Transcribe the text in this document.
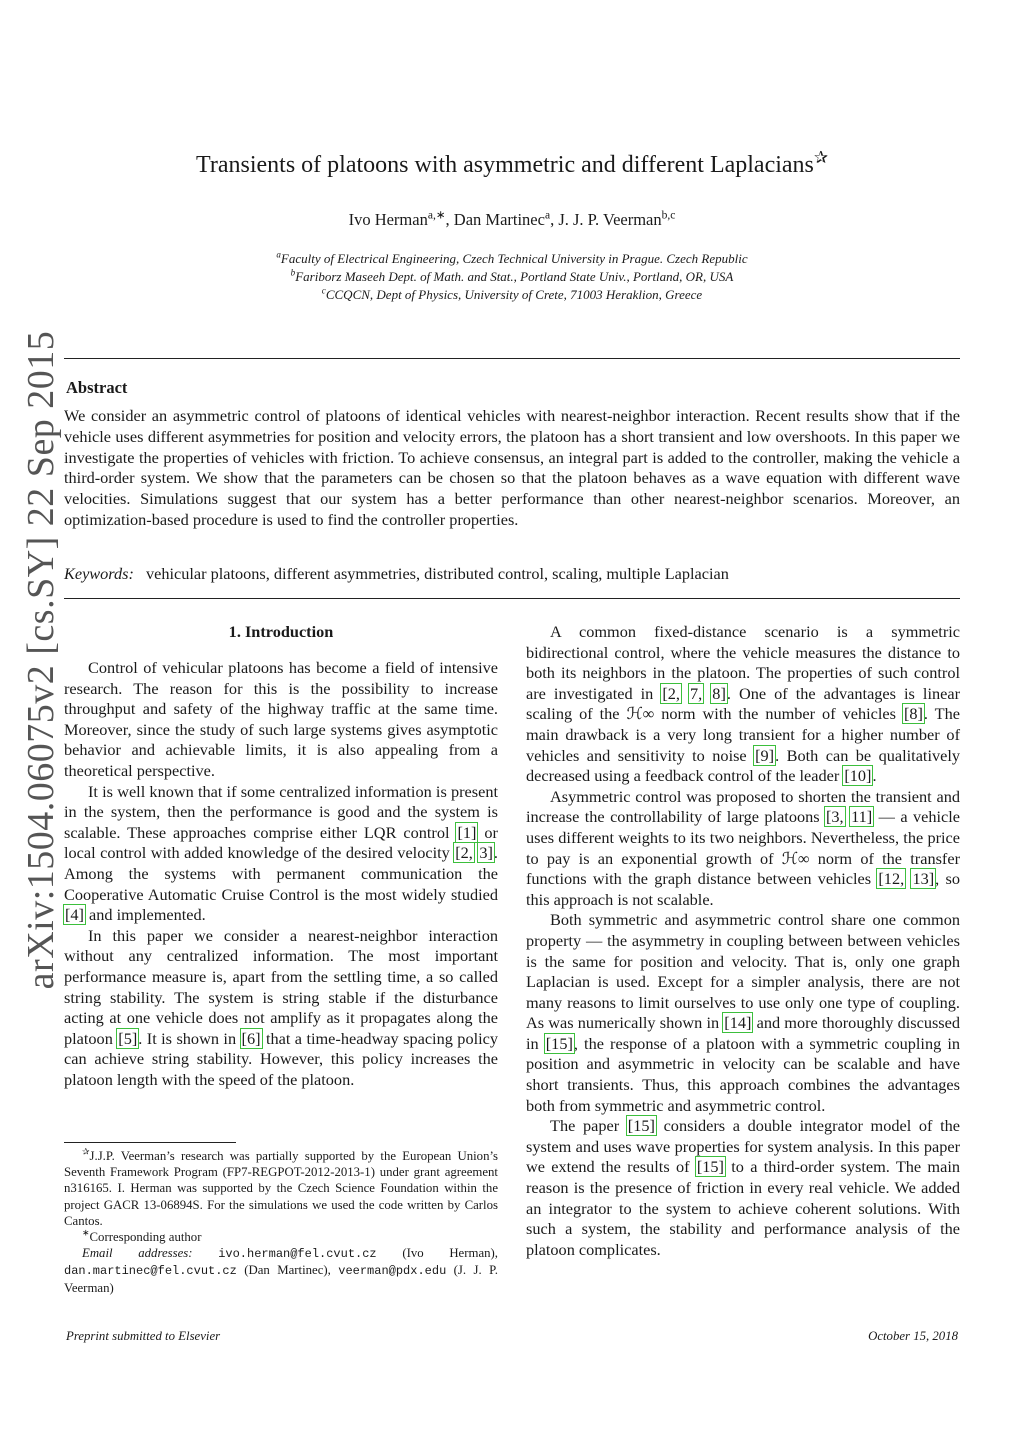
arXiv:1504.06075v2 [cs.SY] 22 Sep 2015
Transients of platoons with asymmetric and different Laplacians✰
Ivo Herman$^{a,∗}$, Dan Martinec$^a$, J. J. P. Veerman$^{b,c}$
$^a$Faculty of Electrical Engineering, Czech Technical University in Prague. Czech Republic
$^b$Fariborz Maseeh Dept. of Math. and Stat., Portland State Univ., Portland, OR, USA
$^c$CCQCN, Dept of Physics, University of Crete, 71003 Heraklion, Greece
Abstract
We consider an asymmetric control of platoons of identical vehicles with nearest-neighbor interaction. Recent results show that if the vehicle uses different asymmetries for position and velocity errors, the platoon has a short transient and low overshoots. In this paper we investigate the properties of vehicles with friction. To achieve consensus, an integral part is added to the controller, making the vehicle a third-order system. We show that the parameters can be chosen so that the platoon behaves as a wave equation with different wave velocities. Simulations suggest that our system has a better performance than other nearest-neighbor scenarios. Moreover, an optimization-based procedure is used to find the controller properties.
Keywords: vehicular platoons, different asymmetries, distributed control, scaling, multiple Laplacian
1. Introduction

Control of vehicular platoons has become a field of intensive research. The reason for this is the possibility to increase throughput and safety of the highway traffic at the same time. Moreover, since the study of such large systems gives asymptotic behavior and achievable limits, it is also appealing from a theoretical perspective.

It is well known that if some centralized information is present in the system, then the performance is good and the system is scalable. These approaches comprise either LQR control [1] or local control with added knowledge of the desired velocity [2, 3]. Among the systems with permanent communication the Cooperative Automatic Cruise Control is the most widely studied [4] and implemented.

In this paper we consider a nearest-neighbor interaction without any centralized information. The most important performance measure is, apart from the settling time, a so called string stability. The system is string stable if the disturbance acting at one vehicle does not amplify as it propagates along the platoon [5]. It is shown in [6] that a time-headway spacing policy can achieve string stability. However, this policy increases the platoon length with the speed of the platoon.

A common fixed-distance scenario is a symmetric bidirectional control, where the vehicle measures the distance to both its neighbors in the platoon. The properties of such control are investigated in [2, 7, 8]. One of the advantages is linear scaling of the ℋ∞ norm with the number of vehicles [8]. The main drawback is a very long transient for a higher number of vehicles and sensitivity to noise [9]. Both can be qualitatively decreased using a feedback control of the leader [10].

Asymmetric control was proposed to shorten the transient and increase the controllability of large platoons [3, 11] — a vehicle uses different weights to its two neighbors. Nevertheless, the price to pay is an exponential growth of ℋ∞ norm of the transfer functions with the graph distance between vehicles [12, 13], so this approach is not scalable.

Both symmetric and asymmetric control share one common property — the asymmetry in coupling between between vehicles is the same for position and velocity. That is, only one graph Laplacian is used. Except for a simpler analysis, there are not many reasons to limit ourselves to use only one type of coupling. As was numerically shown in [14] and more thoroughly discussed in [15], the response of a platoon with a symmetric coupling in position and asymmetric in velocity can be scalable and have short transients. Thus, this approach combines the advantages both from symmetric and asymmetric control.

The paper [15] considers a double integrator model of the system and uses wave properties for system analysis. In this paper we extend the results of [15] to a third-order system. The main reason is the presence of friction in every real vehicle. We added an integrator to the system to achieve coherent solutions. With such a system, the stability and performance analysis of the platoon complicates.

✰J.J.P. Veerman’s research was partially supported by the European Union’s Seventh Framework Program (FP7-REGPOT-2012-2013-1) under grant agreement n316165. I. Herman was supported by the Czech Science Foundation within the project GACR 13-06894S. For the simulations we used the code written by Carlos Cantos.

∗Corresponding author

Email addresses: ivo.herman@fel.cvut.cz (Ivo Herman), dan.martinec@fel.cvut.cz (Dan Martinec), veerman@pdx.edu (J. J. P. Veerman)

Preprint submitted to Elsevier	October 15, 2018
